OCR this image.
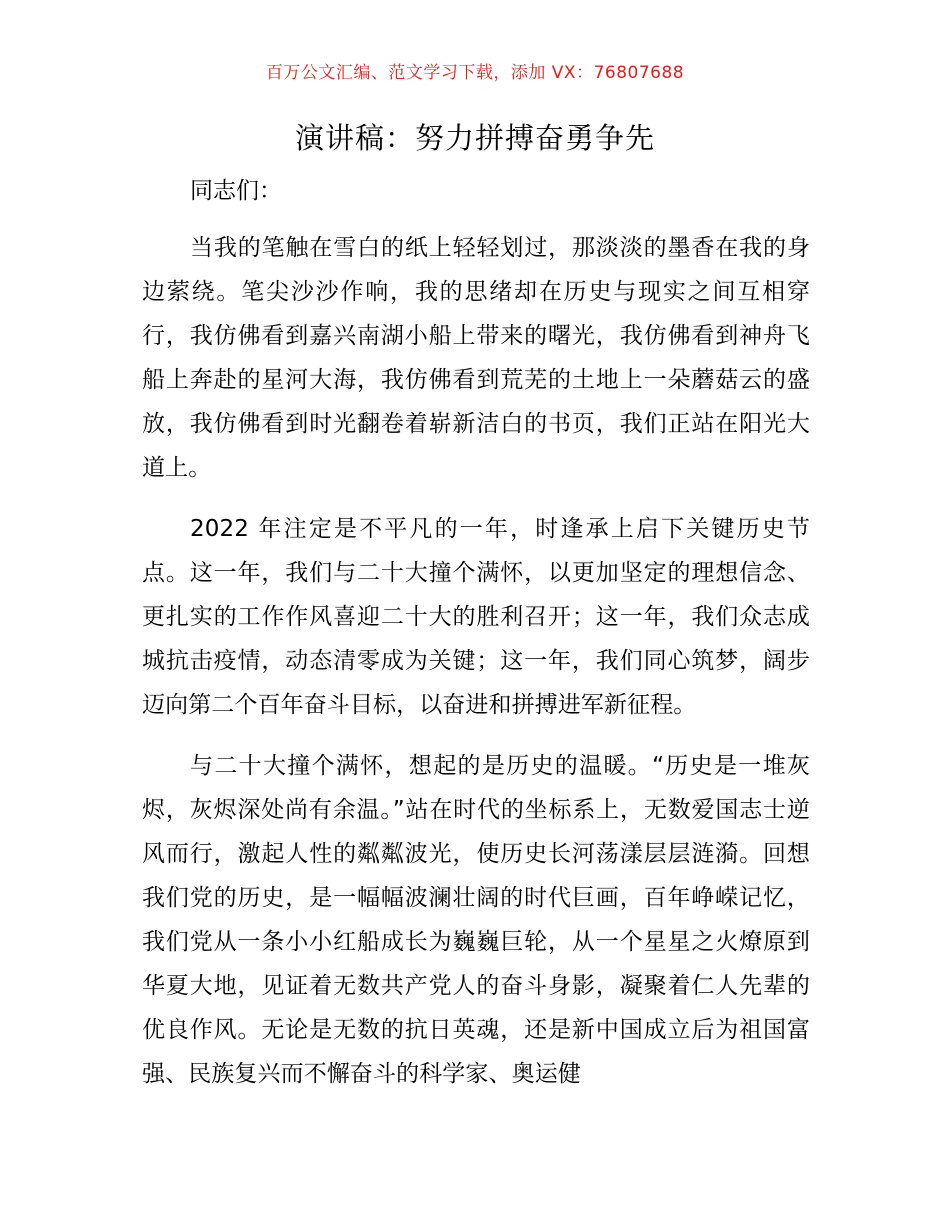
百万公文汇编、范文学习下载，添加 VX：76807688
演讲稿：努力拼搏奋勇争先
同志们：

当我的笔触在雪白的纸上轻轻划过，那淡淡的墨香在我的身边萦绕。笔尖沙沙作响，我的思绪却在历史与现实之间互相穿行，我仿佛看到嘉兴南湖小船上带来的曙光，我仿佛看到神舟飞船上奔赴的星河大海，我仿佛看到荒芜的土地上一朵蘑菇云的盛放，我仿佛看到时光翻卷着崭新洁白的书页，我们正站在阳光大道上。

2022 年注定是不平凡的一年，时逢承上启下关键历史节点。这一年，我们与二十大撞个满怀，以更加坚定的理想信念、更扎实的工作作风喜迎二十大的胜利召开；这一年，我们众志成城抗击疫情，动态清零成为关键；这一年，我们同心筑梦，阔步迈向第二个百年奋斗目标，以奋进和拼搏进军新征程。

与二十大撞个满怀，想起的是历史的温暖。“历史是一堆灰烬，灰烬深处尚有余温。”站在时代的坐标系上，无数爱国志士逆风而行，激起人性的粼粼波光，使历史长河荡漾层层涟漪。回想我们党的历史，是一幅幅波澜壮阔的时代巨画，百年峥嵘记忆，我们党从一条小小红船成长为巍巍巨轮，从一个星星之火燎原到华夏大地，见证着无数共产党人的奋斗身影，凝聚着仁人先辈的优良作风。无论是无数的抗日英魂，还是新中国成立后为祖国富强、民族复兴而不懈奋斗的科学家、奥运健
